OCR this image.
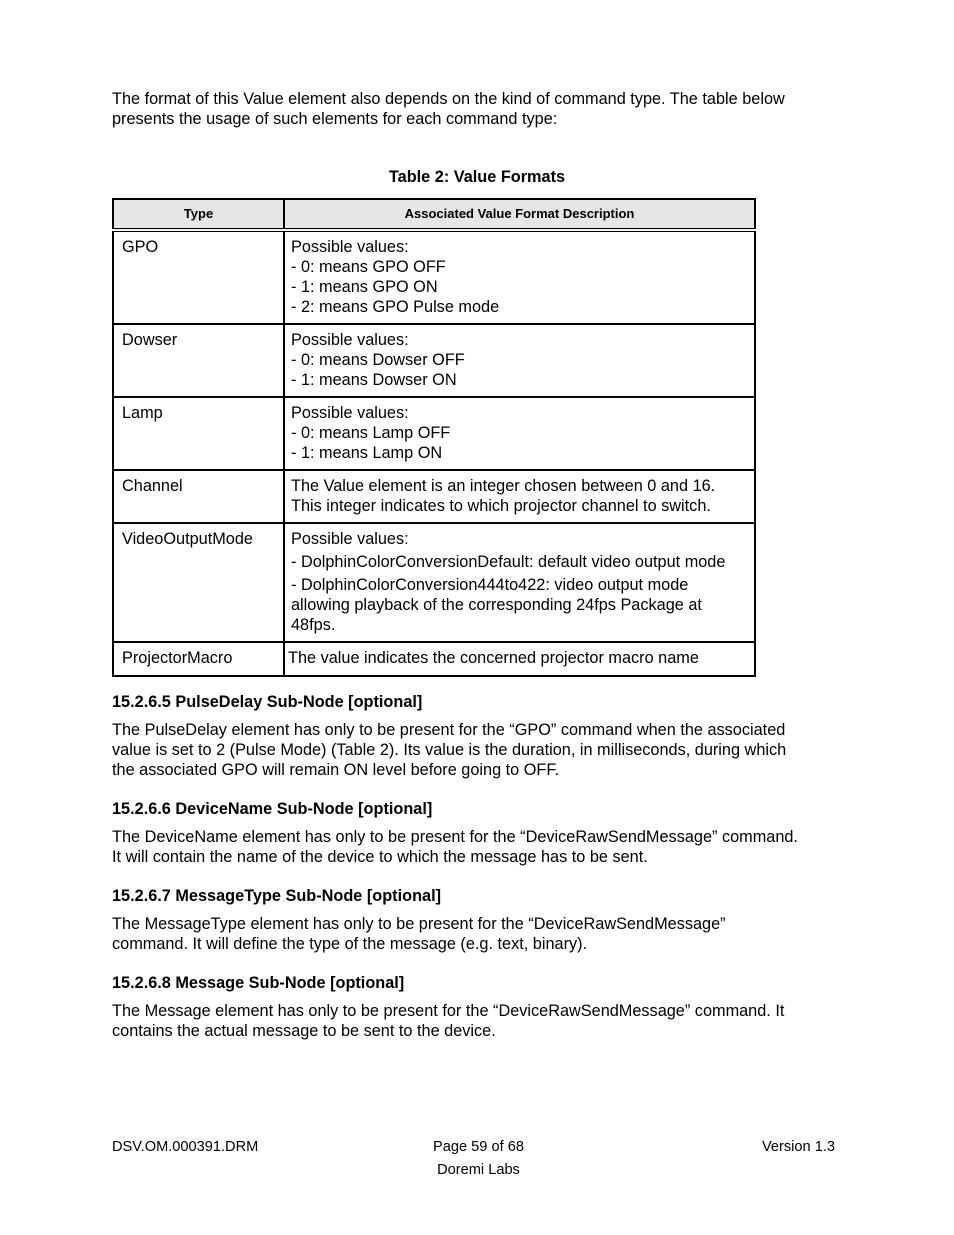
The format of this Value element also depends on the kind of command type. The table below
presents the usage of such elements for each command type:

Table 2: Value Formats

Type	Associated Value Format Description
GPO	Possible values:
- 0: means GPO OFF
- 1: means GPO ON
- 2: means GPO Pulse mode

Dowser	Possible values:
- 0: means Dowser OFF
- 1: means Dowser ON

Lamp	Possible values:
- 0: means Lamp OFF
- 1: means Lamp ON

Channel	The Value element is an integer chosen between 0 and 16.
This integer indicates to which projector channel to switch.

VideoOutputMode	Possible values:
- DolphinColorConversionDefault: default video output mode
- DolphinColorConversion444to422: video output mode
allowing playback of the corresponding 24fps Package at
48fps.

ProjectorMacro	The value indicates the concerned projector macro name
15.2.6.5 PulseDelay Sub-Node [optional]

The PulseDelay element has only to be present for the “GPO” command when the associated
value is set to 2 (Pulse Mode) (Table 2). Its value is the duration, in milliseconds, during which
the associated GPO will remain ON level before going to OFF.

15.2.6.6 DeviceName Sub-Node [optional]

The DeviceName element has only to be present for the “DeviceRawSendMessage” command.
It will contain the name of the device to which the message has to be sent.

15.2.6.7 MessageType Sub-Node [optional]

The MessageType element has only to be present for the “DeviceRawSendMessage”
command. It will define the type of the message (e.g. text, binary).

15.2.6.8 Message Sub-Node [optional]

The Message element has only to be present for the “DeviceRawSendMessage” command. It
contains the actual message to be sent to the device.

DSV.OM.000391.DRM	Page 59 of 68
Doremi Labs
Version 1.3
